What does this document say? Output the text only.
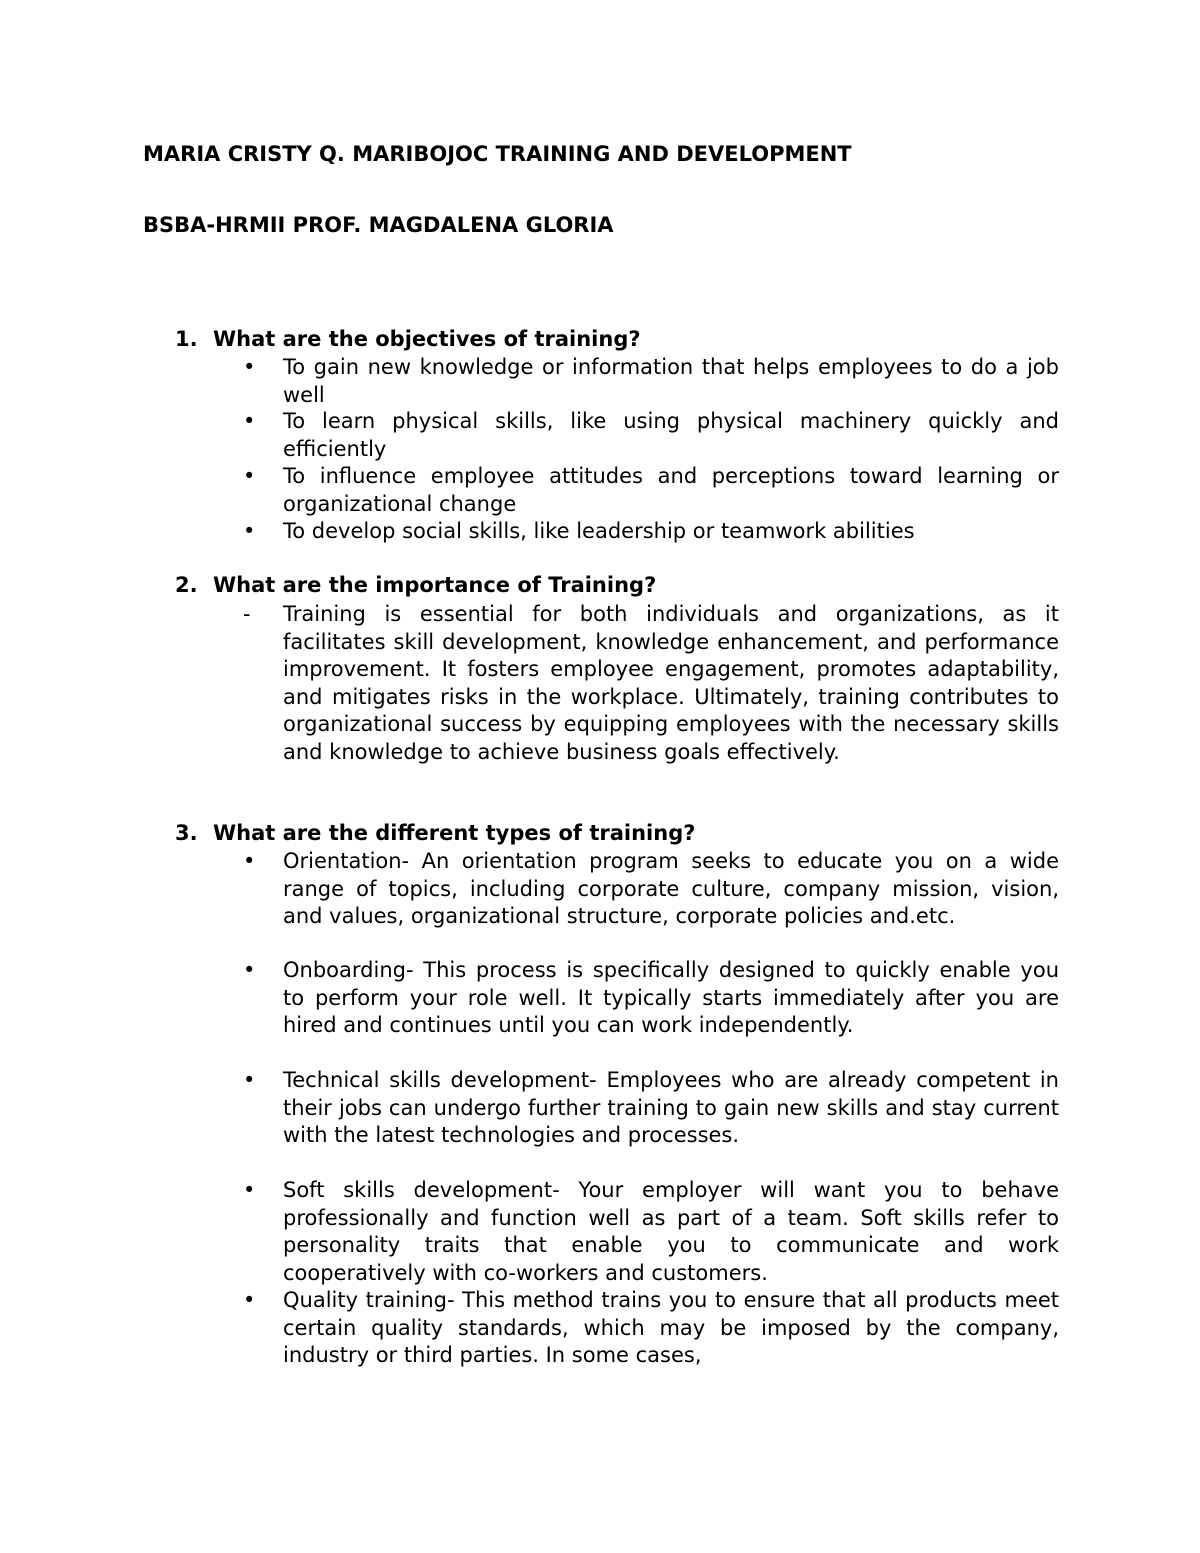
MARIA CRISTY Q. MARIBOJOC TRAINING AND DEVELOPMENT
BSBA-HRMII PROF. MAGDALENA GLORIA
1. What are the objectives of training?
•	To gain new knowledge or information that helps employees to do a job well
•	To learn physical skills, like using physical machinery quickly and efficiently
•	To influence employee attitudes and perceptions toward learning or organizational change
•	To develop social skills, like leadership or teamwork abilities
2. What are the importance of Training?
-	Training is essential for both individuals and organizations, as it facilitates skill development, knowledge enhancement, and performance improvement. It fosters employee engagement, promotes adaptability, and mitigates risks in the workplace. Ultimately, training contributes to organizational success by equipping employees with the necessary skills and knowledge to achieve business goals effectively.
3. What are the different types of training?
•	Orientation- An orientation program seeks to educate you on a wide range of topics, including corporate culture, company mission, vision, and values, organizational structure, corporate policies and.etc.
•	Onboarding- This process is specifically designed to quickly enable you to perform your role well. It typically starts immediately after you are hired and continues until you can work independently.
•	Technical skills development- Employees who are already competent in their jobs can undergo further training to gain new skills and stay current with the latest technologies and processes.
•	Soft skills development- Your employer will want you to behave professionally and function well as part of a team. Soft skills refer to personality traits that enable you to communicate and work cooperatively with co-workers and customers.
•	Quality training- This method trains you to ensure that all products meet certain quality standards, which may be imposed by the company, industry or third parties. In some cases,
